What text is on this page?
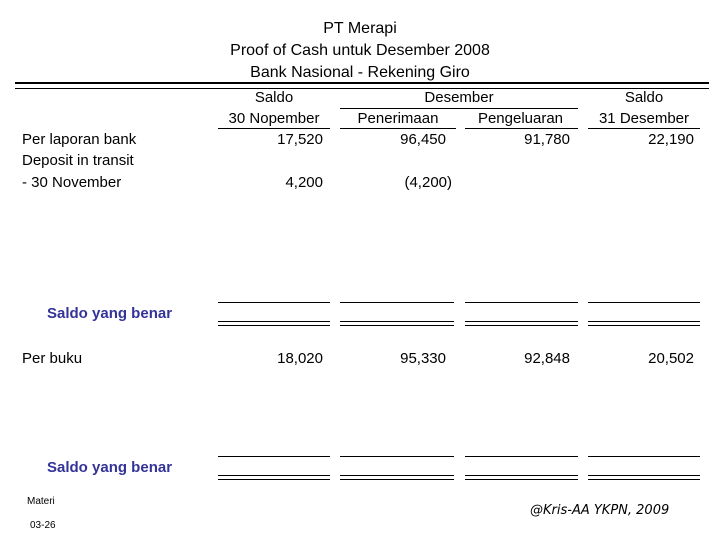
PT Merapi
Proof of Cash untuk Desember 2008
Bank Nasional - Rekening Giro
Saldo	Desember	Saldo
30 Nopember	Penerimaan	Pengeluaran	31 Desember
Per laporan bank	17,520	96,450	91,780	22,190
Deposit in transit
- 30 November	4,200	(4,200)
Saldo yang benar
Per buku	18,020	95,330	92,848	20,502
Saldo yang benar
Materi
03-26
@Kris-AA YKPN, 2009
